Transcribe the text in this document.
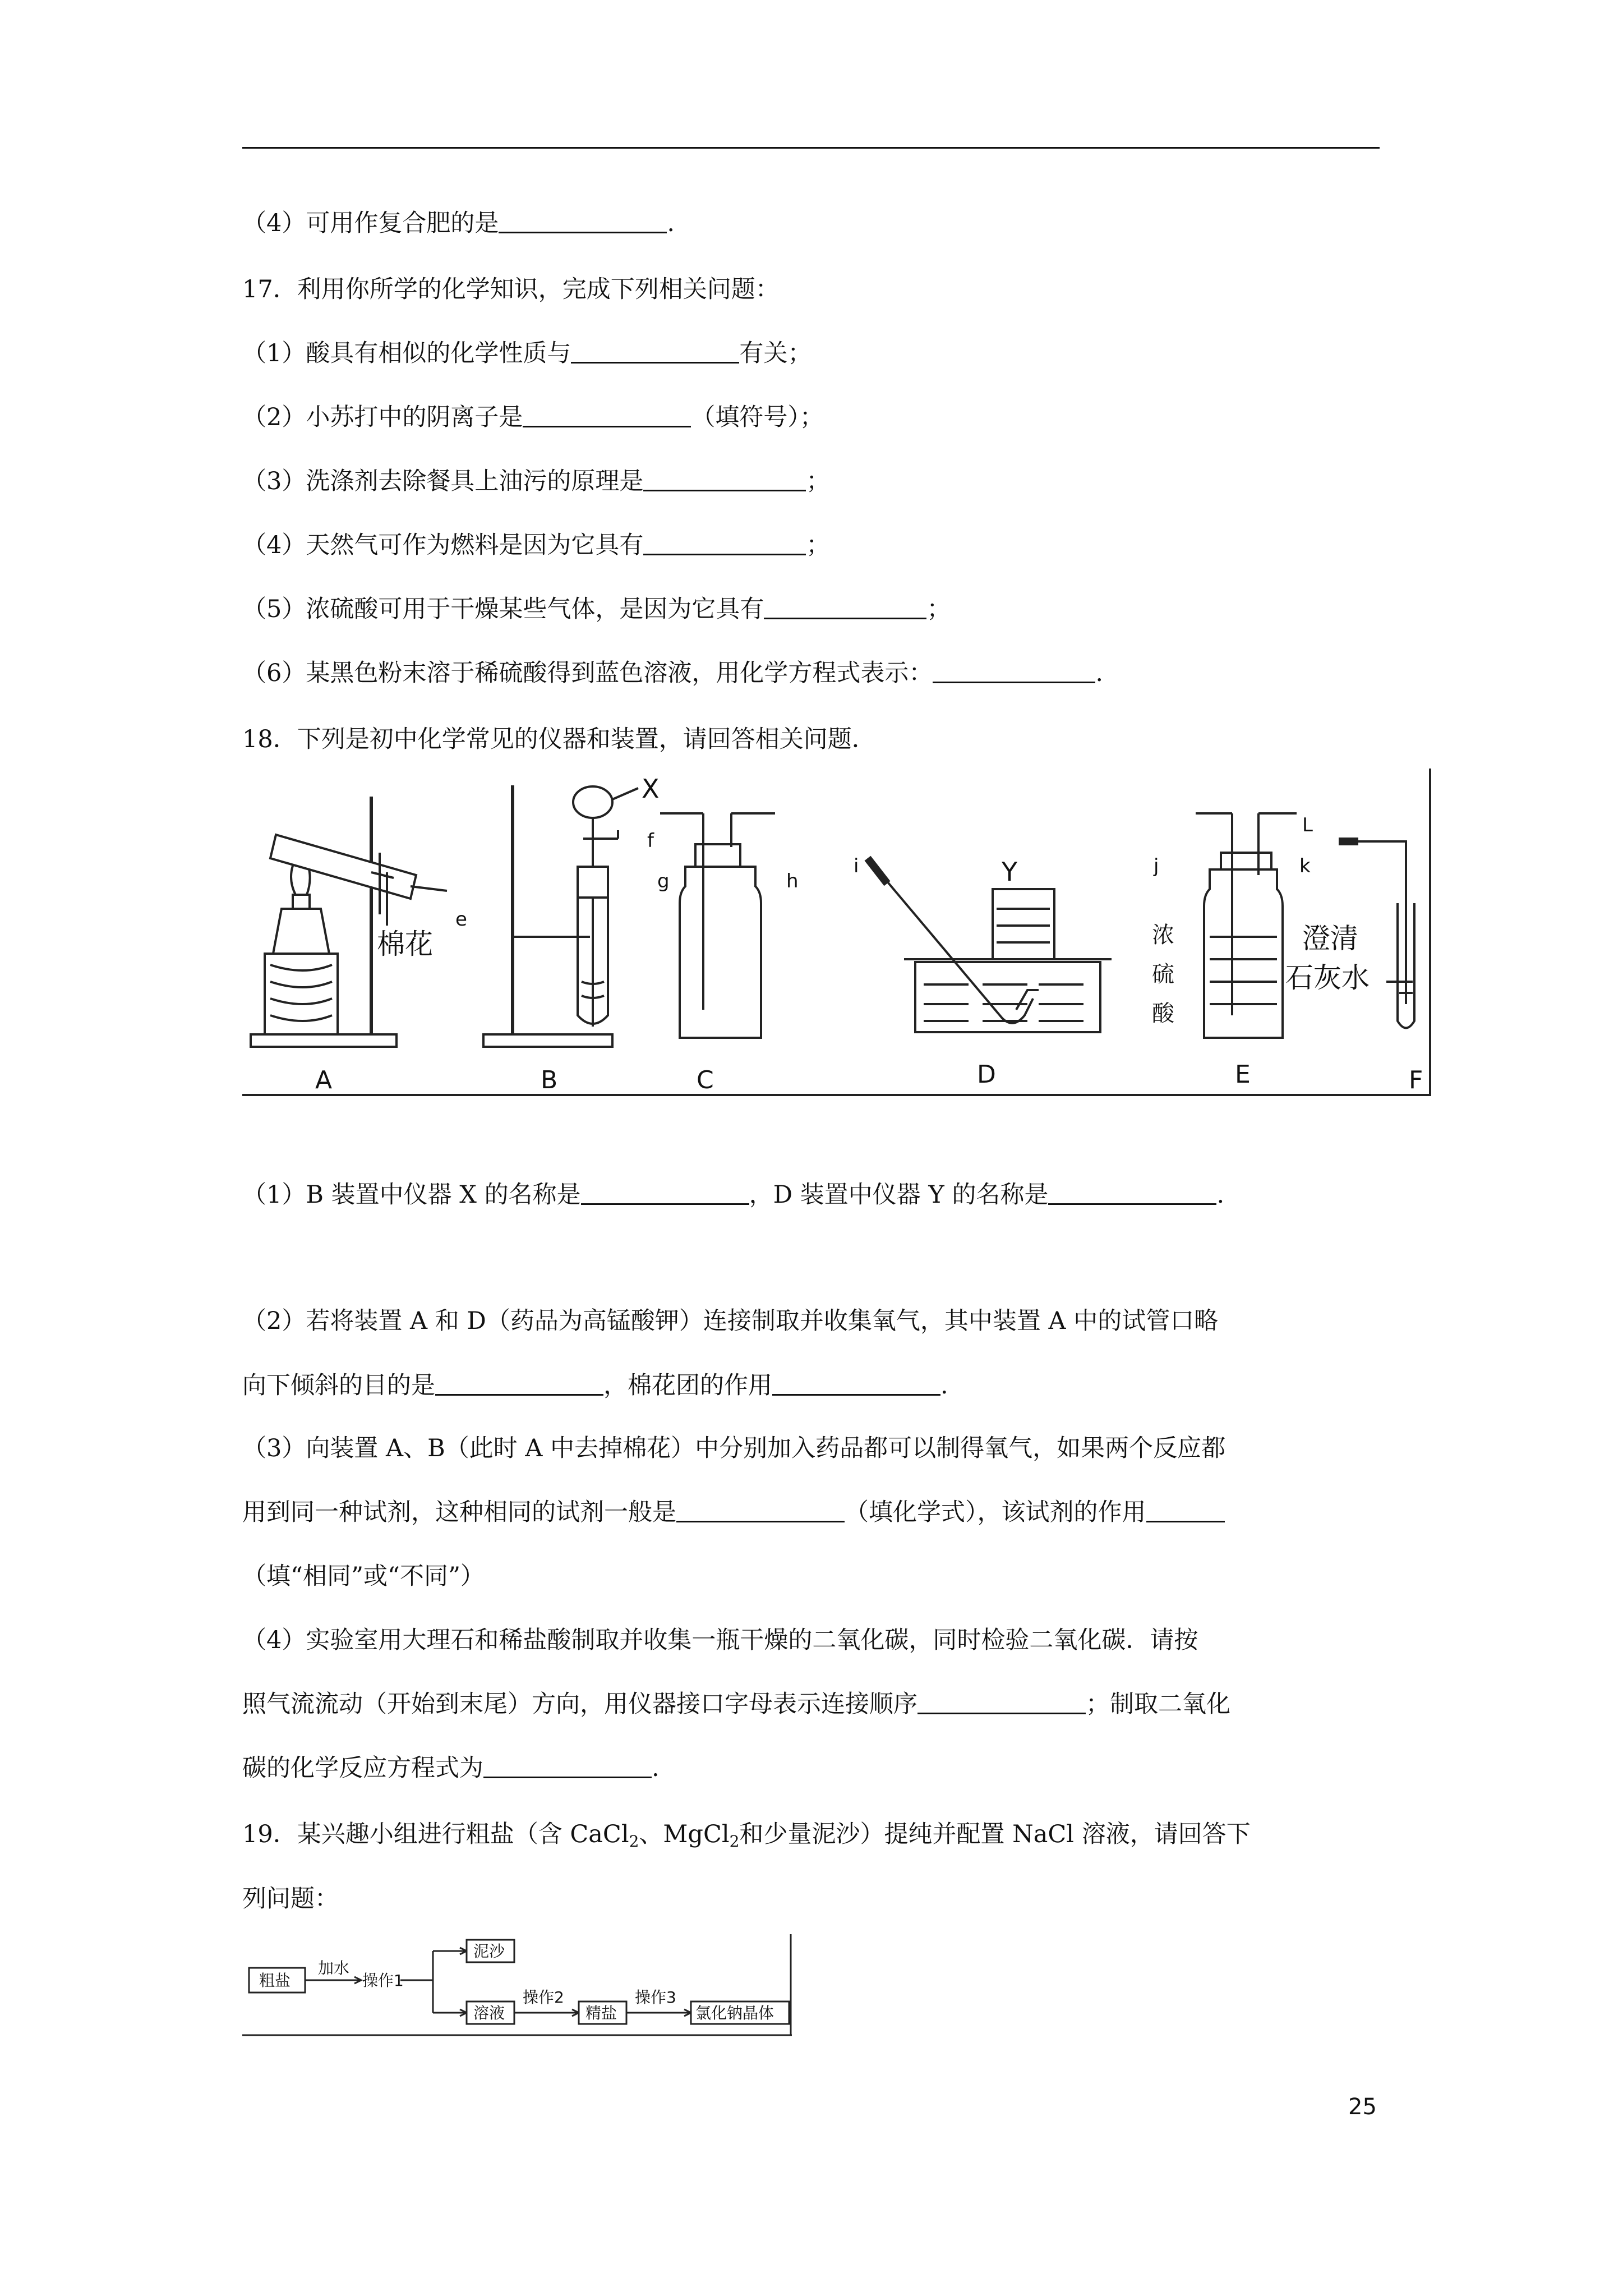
（4）可用作复合肥的是	.
17．利用你所学的化学知识，完成下列相关问题：
（1）酸具有相似的化学性质与	有关；
（2）小苏打中的阴离子是	（填符号）；
（3）洗涤剂去除餐具上油污的原理是	；
（4）天然气可作为燃料是因为它具有	；
（5）浓硫酸可用于干燥某些气体，是因为它具有	；
（6）某黑色粉末溶于稀硫酸得到蓝色溶液，用化学方程式表示：	.
18．下列是初中化学常见的仪器和装置，请回答相关问题．
A	B	C	D	E	F
棉花
X
Y
e
f
g	h
i	j	k
L
浓
硫
酸
澄清
石灰水
（1）B 装置中仪器 X 的名称是	，D 装置中仪器 Y 的名称是	.
（2）若将装置 A 和 D（药品为高锰酸钾）连接制取并收集氧气，其中装置 A 中的试管口略
向下倾斜的目的是	，棉花团的作用	.
（3）向装置 A、B（此时 A 中去掉棉花）中分别加入药品都可以制得氧气，如果两个反应都
用到同一种试剂，这种相同的试剂一般是	（填化学式），该试剂的作用
（填“相同”或“不同”）
（4）实验室用大理石和稀盐酸制取并收集一瓶干燥的二氧化碳，同时检验二氧化碳．请按
照气流流动（开始到末尾）方向，用仪器接口字母表示连接顺序	；制取二氧化
碳的化学反应方程式为	.
19．某兴趣小组进行粗盐（含 CaCl$_2$、MgCl$_2$和少量泥沙）提纯并配置 NaCl 溶液，请回答下
列问题：
粗盐
加水
操作1
泥沙
溶液
操作2
精盐
操作3
氯化钠晶体
25
